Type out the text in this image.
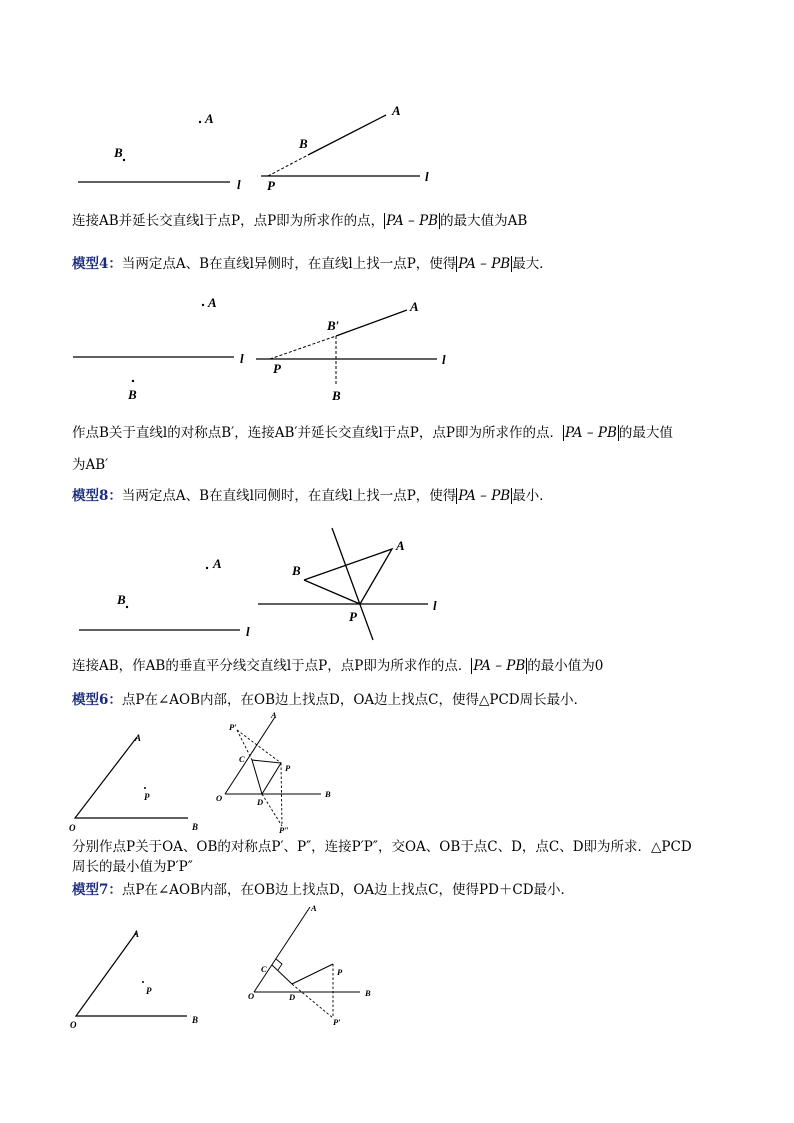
A
B
l
A
B
P
l
A
B
l
A
B′
B
P
l
A
B
l
A
B
P
l
A
P
O	B
P′
A
C
P
O	D
B
P″
A
P
O	B
A
C	P
O	D	B
P′
连接AB并延长交直线l于点P，点P即为所求作的点， PA – PB 的最大值为AB
模型4：当两定点A、B在直线l异侧时，在直线l上找一点P，使得 PA – PB 最大．
作点B关于直线l的对称点B′，连接AB′并延长交直线l于点P，点P即为所求作的点． PA – PB 的最大值
为AB′
模型8：当两定点A、B在直线l同侧时，在直线l上找一点P，使得 PA – PB 最小．
连接AB，作AB的垂直平分线交直线l于点P，点P即为所求作的点． PA – PB 的最小值为0
模型6：点P在∠AOB内部，在OB边上找点D，OA边上找点C，使得△PCD周长最小．
分别作点P关于OA、OB的对称点P′、P″，连接P′P″，交OA、OB于点C、D，点C、D即为所求．△PCD
周长的最小值为P′P″
模型7：点P在∠AOB内部，在OB边上找点D，OA边上找点C，使得PD＋CD最小．
